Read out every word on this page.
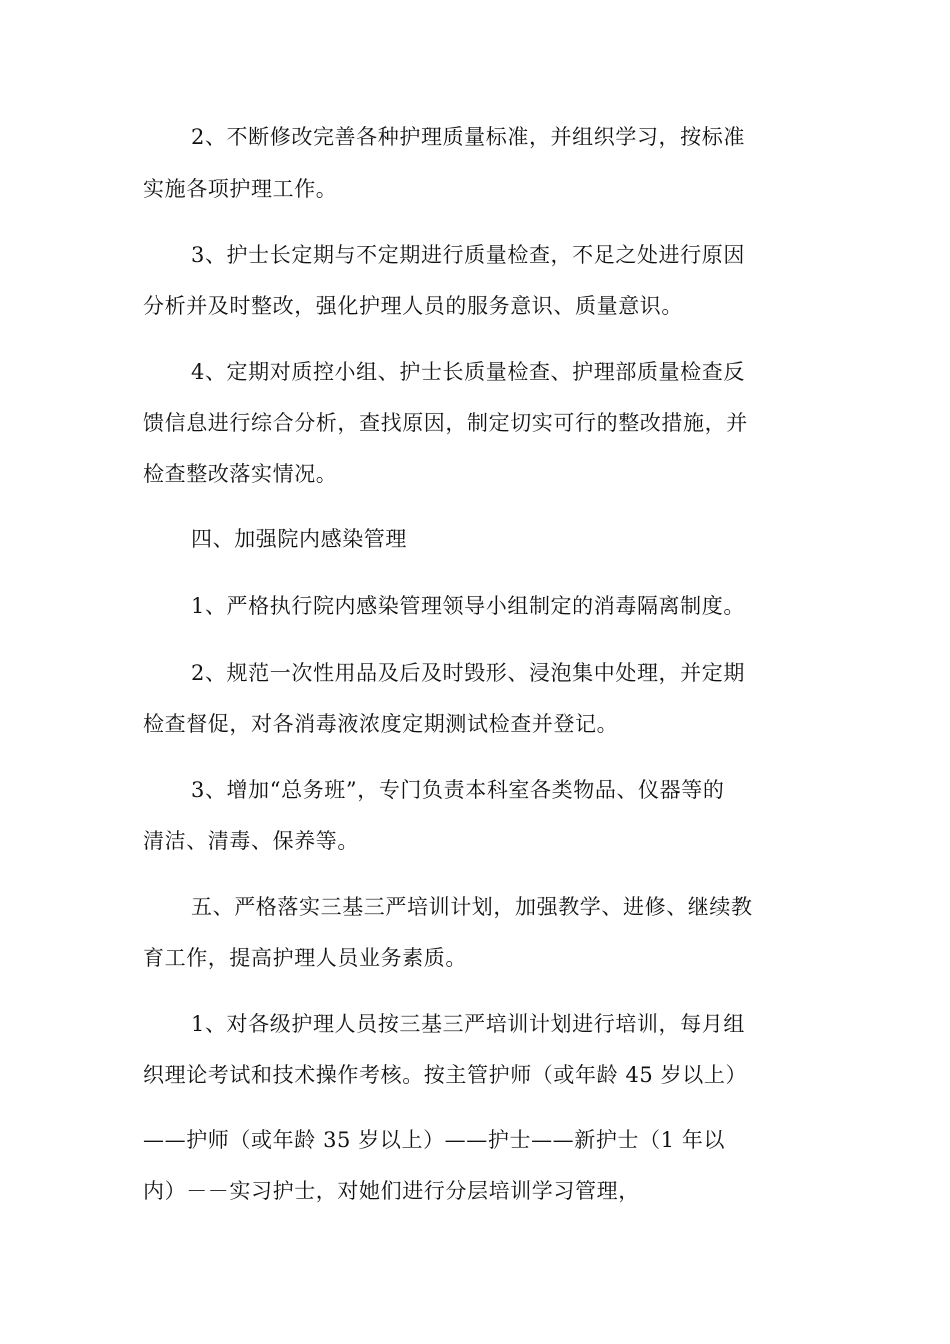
2、不断修改完善各种护理质量标准，并组织学习，按标准
实施各项护理工作。
3、护士长定期与不定期进行质量检查，不足之处进行原因
分析并及时整改，强化护理人员的服务意识、质量意识。
4、定期对质控小组、护士长质量检查、护理部质量检查反
馈信息进行综合分析，查找原因，制定切实可行的整改措施，并
检查整改落实情况。
四、加强院内感染管理
1、严格执行院内感染管理领导小组制定的消毒隔离制度。
2、规范一次性用品及后及时毁形、浸泡集中处理，并定期
检查督促，对各消毒液浓度定期测试检查并登记。
3、增加“总务班”，专门负责本科室各类物品、仪器等的
清洁、清毒、保养等。
五、严格落实三基三严培训计划，加强教学、进修、继续教
育工作，提高护理人员业务素质。
1、对各级护理人员按三基三严培训计划进行培训，每月组
织理论考试和技术操作考核。按主管护师（或年龄 45 岁以上）
——护师（或年龄 35 岁以上）——护士——新护士（1 年以
内）－－实习护士，对她们进行分层培训学习管理，
